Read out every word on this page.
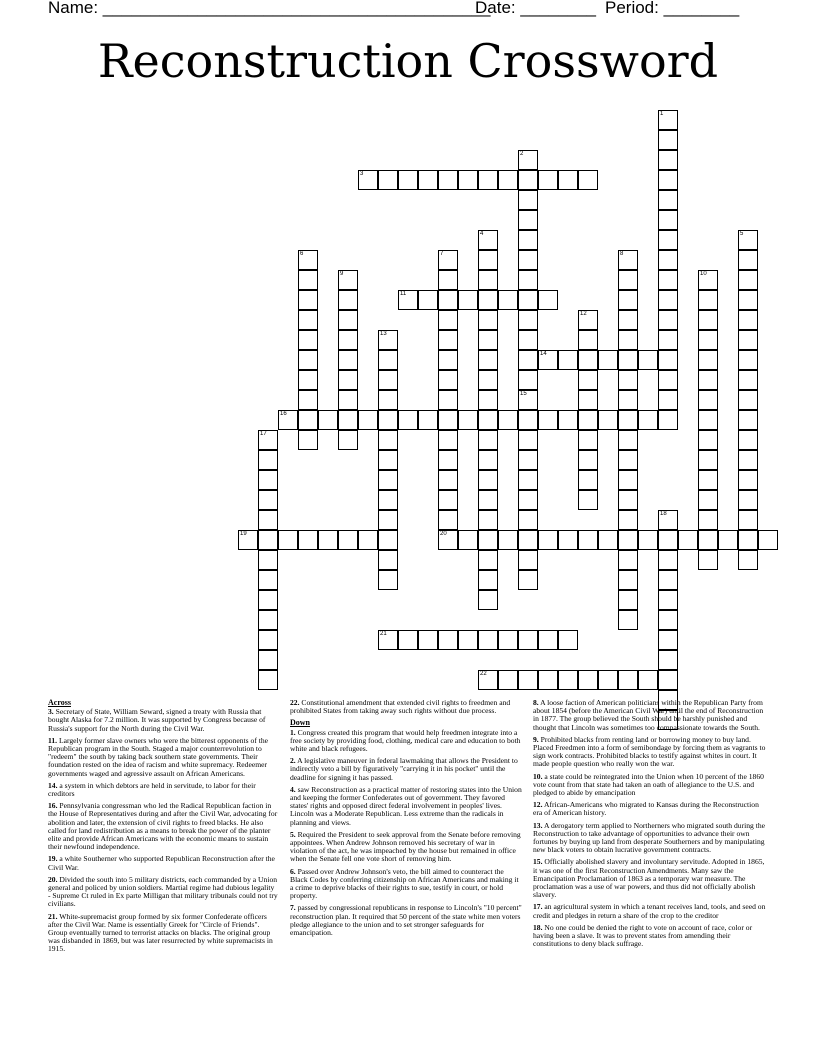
Name: _________________________________________
Date: ________ Period: ________
Reconstruction Crossword
1
2
3
4	5
6	7
20
8
9	10
11
12
13
14
15
16
17
18
19
21
22
Across
3. Secretary of State, William Seward, signed a treaty with Russia that bought Alaska for 7.2 million. It was supported by Congress because of Russia's support for the North during the Civil War.
11. Largely former slave owners who were the bitterest opponents of the Republican program in the South. Staged a major counterrevolution to "redeem" the south by taking back southern state governments. Their foundation rested on the idea of racism and white supremacy. Redeemer governments waged and agressive assault on African Americans.
14. a system in which debtors are held in servitude, to labor for their creditors
16. Pennsylvania congressman who led the Radical Republican faction in the House of Representatives during and after the Civil War, advocating for abolition and later, the extension of civil rights to freed blacks. He also called for land redistribution as a means to break the power of the planter elite and provide African Americans with the economic means to sustain their newfound independence.
19. a white Southerner who supported Republican Reconstruction after the Civil War.
20. Divided the south into 5 military districts, each commanded by a Union general and policed by union soldiers. Martial regime had dubious legality - Supreme Ct ruled in Ex parte Milligan that military tribunals could not try civilians.
21. White-supremacist group formed by six former Confederate officers after the Civil War. Name is essentially Greek for "Circle of Friends". Group eventually turned to terrorist attacks on blacks. The original group was disbanded in 1869, but was later resurrected by white supremacists in 1915.
22. Constitutional amendment that extended civil rights to freedmen and prohibited States from taking away such rights without due process.
Down
1. Congress created this program that would help freedmen integrate into a free society by providing food, clothing, medical care and education to both white and black refugees.
2. A legislative maneuver in federal lawmaking that allows the President to indirectly veto a bill by figuratively "carrying it in his pocket" until the deadline for signing it has passed.
4. saw Reconstruction as a practical matter of restoring states into the Union and keeping the former Confederates out of government. They favored states' rights and opposed direct federal involvement in peoples' lives. Lincoln was a Moderate Republican. Less extreme than the radicals in planning and views.
5. Required the President to seek approval from the Senate before removing appointees. When Andrew Johnson removed his secretary of war in violation of the act, he was impeached by the house but remained in office when the Senate fell one vote short of removing him.
6. Passed over Andrew Johnson's veto, the bill aimed to counteract the Black Codes by conferring citizenship on African Americans and making it a crime to deprive blacks of their rights to sue, testify in court, or hold property.
7. passed by congressional republicans in response to Lincoln's "10 percent" reconstruction plan. It required that 50 percent of the state white men voters pledge allegiance to the union and to set stronger safeguards for emancipation.
8. A loose faction of American politicians within the Republican Party from about 1854 (before the American Civil War) until the end of Reconstruction in 1877. The group believed the South should be harshly punished and thought that Lincoln was sometimes too compassionate towards the South.
9. Prohibited blacks from renting land or borrowing money to buy land. Placed Freedmen into a form of semibondage by forcing them as vagrants to sign work contracts. Prohibited blacks to testify against whites in court. It made people question who really won the war.
10. a state could be reintegrated into the Union when 10 percent of the 1860 vote count from that state had taken an oath of allegiance to the U.S. and pledged to abide by emancipation
12. African-Americans who migrated to Kansas during the Reconstruction era of American history.
13. A derogatory term applied to Northerners who migrated south during the Reconstruction to take advantage of opportunities to advance their own fortunes by buying up land from desperate Southerners and by manipulating new black voters to obtain lucrative government contracts.
15. Officially abolished slavery and involuntary servitude. Adopted in 1865, it was one of the first Reconstruction Amendments. Many saw the Emancipation Proclamation of 1863 as a temporary war measure. The proclamation was a use of war powers, and thus did not officially abolish slavery.
17. an agricultural system in which a tenant receives land, tools, and seed on credit and pledges in return a share of the crop to the creditor
18. No one could be denied the right to vote on account of race, color or having been a slave. It was to prevent states from amending their constitutions to deny black suffrage.
